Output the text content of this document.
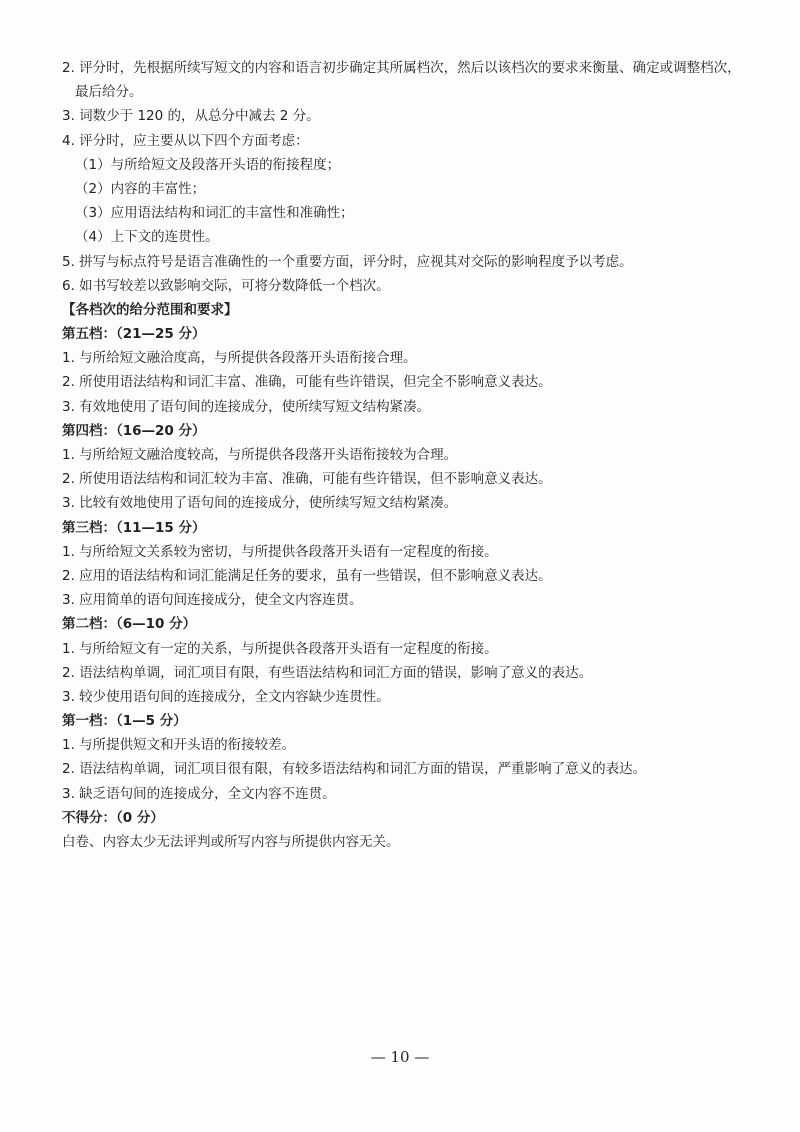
2. 评分时，先根据所续写短文的内容和语言初步确定其所属档次，然后以该档次的要求来衡量、确定或调整档次，
最后给分。
3. 词数少于 120 的，从总分中减去 2 分。
4. 评分时，应主要从以下四个方面考虑：
（1）与所给短文及段落开头语的衔接程度；
（2）内容的丰富性；
（3）应用语法结构和词汇的丰富性和准确性；
（4）上下文的连贯性。
5. 拼写与标点符号是语言准确性的一个重要方面，评分时，应视其对交际的影响程度予以考虑。
6. 如书写较差以致影响交际，可将分数降低一个档次。
【各档次的给分范围和要求】
第五档：（21—25 分）
1. 与所给短文融洽度高，与所提供各段落开头语衔接合理。
2. 所使用语法结构和词汇丰富、准确，可能有些许错误，但完全不影响意义表达。
3. 有效地使用了语句间的连接成分，使所续写短文结构紧凑。
第四档：（16—20 分）
1. 与所给短文融洽度较高，与所提供各段落开头语衔接较为合理。
2. 所使用语法结构和词汇较为丰富、准确，可能有些许错误，但不影响意义表达。
3. 比较有效地使用了语句间的连接成分，使所续写短文结构紧凑。
第三档：（11—15 分）
1. 与所给短文关系较为密切，与所提供各段落开头语有一定程度的衔接。
2. 应用的语法结构和词汇能满足任务的要求，虽有一些错误，但不影响意义表达。
3. 应用简单的语句间连接成分，使全文内容连贯。
第二档：（6—10 分）
1. 与所给短文有一定的关系，与所提供各段落开头语有一定程度的衔接。
2. 语法结构单调，词汇项目有限，有些语法结构和词汇方面的错误，影响了意义的表达。
3. 较少使用语句间的连接成分，全文内容缺少连贯性。
第一档：（1—5 分）
1. 与所提供短文和开头语的衔接较差。
2. 语法结构单调，词汇项目很有限，有较多语法结构和词汇方面的错误，严重影响了意义的表达。
3. 缺乏语句间的连接成分，全文内容不连贯。
不得分：（0 分）
白卷、内容太少无法评判或所写内容与所提供内容无关。
— 10 —
